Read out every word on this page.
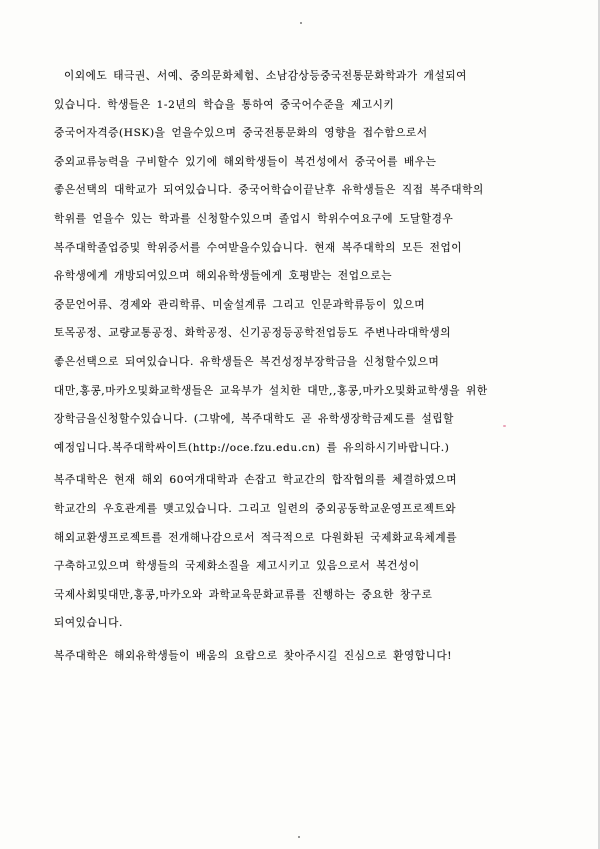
이외에도 태극권、서예、중의문화체험、소남감상등중국전통문화학과가 개설되여
있습니다. 학생들은 1-2년의 학습을 통하여 중국어수준을 제고시키
중국어자격증(HSK)을 얻을수있으며 중국전통문화의 영향을 접수함으로서
중외교류능력을 구비할수 있기에 해외학생들이 복건성에서 중국어를 배우는
좋은선택의 대학교가 되여있습니다. 중국어학습이끝난후 유학생들은 직접 복주대학의
학위를 얻을수 있는 학과를 신청할수있으며 졸업시 학위수여요구에 도달할경우
복주대학졸업증및 학위증서를 수여받을수있습니다. 현재 복주대학의 모든 전업이
유학생에게 개방되여있으며 해외유학생들에게 호평받는 전업으로는
중문언어류、경제와 관리학류、미술설계류 그리고 인문과학류등이 있으며
토목공정、교량교통공정、화학공정、신기공정등공학전업등도 주변나라대학생의
좋은선택으로 되여있습니다. 유학생들은 복건성정부장학금을 신청할수있으며
대만,홍콩,마카오및화교학생들은 교육부가 설치한 대만,,홍콩,마카오및화교학생을 위한
장학금을신청할수있습니다. (그밖에, 복주대학도 곧 유학생장학금제도를 설립할
예정입니다.복주대학싸이트(http://oce.fzu.edu.cn) 를 유의하시기바랍니다.)
복주대학은 현재 해외 60여개대학과 손잡고 학교간의 합작협의를 체결하였으며
학교간의 우호관계를 맺고있습니다. 그리고 일련의 중외공동학교운영프로젝트와
해외교환생프로젝트를 전개해나감으로서 적극적으로 다원화된 국제화교육체계를
구축하고있으며 학생들의 국제화소질을 제고시키고 있음으로서 복건성이
국제사회및대만,홍콩,마카오와 과학교육문화교류를 진행하는 중요한 창구로
되여있습니다.
복주대학은 해외유학생들이 배움의 요람으로 찾아주시길 진심으로 환영합니다!
